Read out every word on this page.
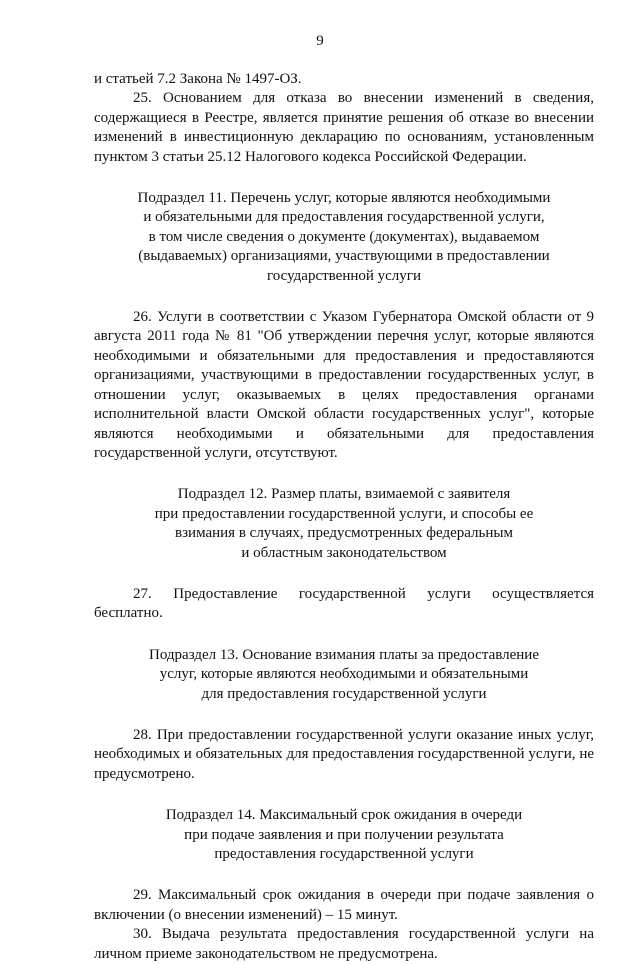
9

и статьей 7.2 Закона № 1497-ОЗ.

25. Основанием для отказа во внесении изменений в сведения, содержащиеся в Реестре, является принятие решения об отказе во внесении изменений в инвестиционную декларацию по основаниям, установленным пунктом 3 статьи 25.12 Налогового кодекса Российской Федерации.

Подраздел 11. Перечень услуг, которые являются необходимыми
и обязательными для предоставления государственной услуги,
в том числе сведения о документе (документах), выдаваемом
(выдаваемых) организациями, участвующими в предоставлении
государственной услуги

26. Услуги в соответствии с Указом Губернатора Омской области от 9 августа 2011 года № 81 "Об утверждении перечня услуг, которые являются необходимыми и обязательными для предоставления и предоставляются организациями, участвующими в предоставлении государственных услуг, в отношении услуг, оказываемых в целях предоставления органами исполнительной власти Омской области государственных услуг", которые являются необходимыми и обязательными для предоставления государственной услуги, отсутствуют.

Подраздел 12. Размер платы, взимаемой с заявителя
при предоставлении государственной услуги, и способы ее
взимания в случаях, предусмотренных федеральным
и областным законодательством

27. Предоставление государственной услуги осуществляется бесплатно.

Подраздел 13. Основание взимания платы за предоставление
услуг, которые являются необходимыми и обязательными
для предоставления государственной услуги

28. При предоставлении государственной услуги оказание иных услуг, необходимых и обязательных для предоставления государственной услуги, не предусмотрено.

Подраздел 14. Максимальный срок ожидания в очереди
при подаче заявления и при получении результата
предоставления государственной услуги

29. Максимальный срок ожидания в очереди при подаче заявления о включении (о внесении изменений) – 15 минут.

30. Выдача результата предоставления государственной услуги на личном приеме законодательством не предусмотрена.
